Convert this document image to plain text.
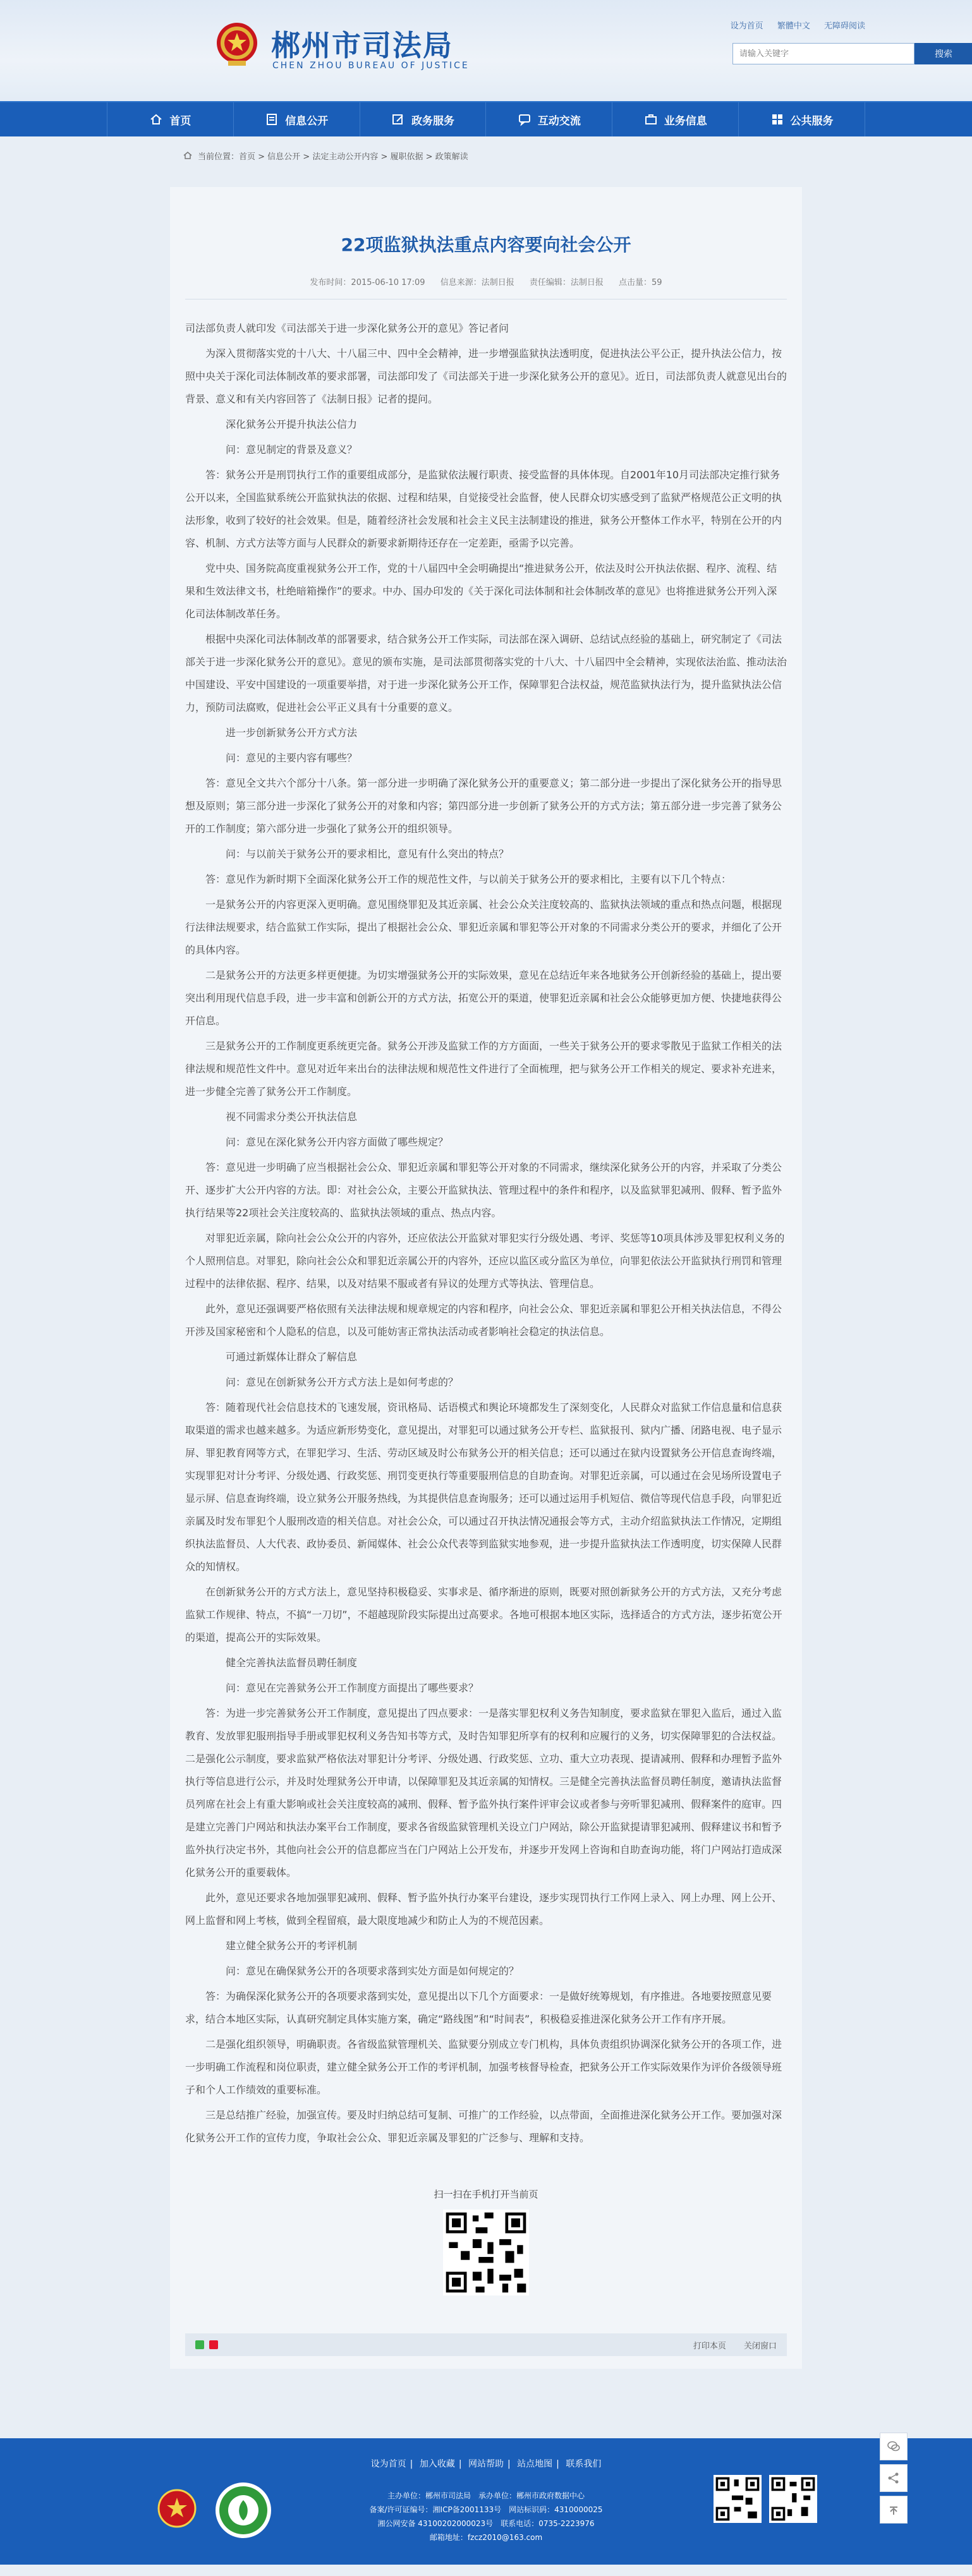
郴州市司法局
CHEN ZHOU BUREAU OF JUSTICE
设为首页 繁體中文 无障碍阅读
请输入关键字
搜索
首页	信息公开	政务服务	互动交流	业务信息	公共服务
当前位置：首页 > 信息公开 > 法定主动公开内容 > 履职依据 > 政策解读
22项监狱执法重点内容要向社会公开
发布时间：2015-06-10 17:09 信息来源：法制日报 责任编辑：法制日报 点击量：59

司法部负责人就印发《司法部关于进一步深化狱务公开的意见》答记者问

为深入贯彻落实党的十八大、十八届三中、四中全会精神，进一步增强监狱执法透明度，促进执法公平公正，提升执法公信力，按照中央关于深化司法体制改革的要求部署，司法部印发了《司法部关于进一步深化狱务公开的意见》。近日，司法部负责人就意见出台的背景、意义和有关内容回答了《法制日报》记者的提问。

深化狱务公开提升执法公信力

问：意见制定的背景及意义？

答：狱务公开是刑罚执行工作的重要组成部分，是监狱依法履行职责、接受监督的具体体现。自2001年10月司法部决定推行狱务公开以来，全国监狱系统公开监狱执法的依据、过程和结果，自觉接受社会监督，使人民群众切实感受到了监狱严格规范公正文明的执法形象，收到了较好的社会效果。但是，随着经济社会发展和社会主义民主法制建设的推进，狱务公开整体工作水平，特别在公开的内容、机制、方式方法等方面与人民群众的新要求新期待还存在一定差距，亟需予以完善。

党中央、国务院高度重视狱务公开工作，党的十八届四中全会明确提出“推进狱务公开，依法及时公开执法依据、程序、流程、结果和生效法律文书，杜绝暗箱操作”的要求。中办、国办印发的《关于深化司法体制和社会体制改革的意见》也将推进狱务公开列入深化司法体制改革任务。

根据中央深化司法体制改革的部署要求，结合狱务公开工作实际，司法部在深入调研、总结试点经验的基础上，研究制定了《司法部关于进一步深化狱务公开的意见》。意见的颁布实施，是司法部贯彻落实党的十八大、十八届四中全会精神，实现依法治监、推动法治中国建设、平安中国建设的一项重要举措，对于进一步深化狱务公开工作，保障罪犯合法权益，规范监狱执法行为，提升监狱执法公信力，预防司法腐败，促进社会公平正义具有十分重要的意义。

进一步创新狱务公开方式方法

问：意见的主要内容有哪些？

答：意见全文共六个部分十八条。第一部分进一步明确了深化狱务公开的重要意义；第二部分进一步提出了深化狱务公开的指导思想及原则；第三部分进一步深化了狱务公开的对象和内容；第四部分进一步创新了狱务公开的方式方法；第五部分进一步完善了狱务公开的工作制度；第六部分进一步强化了狱务公开的组织领导。

问：与以前关于狱务公开的要求相比，意见有什么突出的特点？

答：意见作为新时期下全面深化狱务公开工作的规范性文件，与以前关于狱务公开的要求相比，主要有以下几个特点：

一是狱务公开的内容更深入更明确。意见围绕罪犯及其近亲属、社会公众关注度较高的、监狱执法领域的重点和热点问题，根据现行法律法规要求，结合监狱工作实际，提出了根据社会公众、罪犯近亲属和罪犯等公开对象的不同需求分类公开的要求，并细化了公开的具体内容。

二是狱务公开的方法更多样更便捷。为切实增强狱务公开的实际效果，意见在总结近年来各地狱务公开创新经验的基础上，提出要突出利用现代信息手段，进一步丰富和创新公开的方式方法，拓宽公开的渠道，使罪犯近亲属和社会公众能够更加方便、快捷地获得公开信息。

三是狱务公开的工作制度更系统更完备。狱务公开涉及监狱工作的方方面面，一些关于狱务公开的要求零散见于监狱工作相关的法律法规和规范性文件中。意见对近年来出台的法律法规和规范性文件进行了全面梳理，把与狱务公开工作相关的规定、要求补充进来，进一步健全完善了狱务公开工作制度。

视不同需求分类公开执法信息

问：意见在深化狱务公开内容方面做了哪些规定？

答：意见进一步明确了应当根据社会公众、罪犯近亲属和罪犯等公开对象的不同需求，继续深化狱务公开的内容，并采取了分类公开、逐步扩大公开内容的方法。即：对社会公众，主要公开监狱执法、管理过程中的条件和程序，以及监狱罪犯减刑、假释、暂予监外执行结果等22项社会关注度较高的、监狱执法领域的重点、热点内容。

对罪犯近亲属，除向社会公众公开的内容外，还应依法公开监狱对罪犯实行分级处遇、考评、奖惩等10项具体涉及罪犯权利义务的个人照刑信息。对罪犯，除向社会公众和罪犯近亲属公开的内容外，还应以监区或分监区为单位，向罪犯依法公开监狱执行刑罚和管理过程中的法律依据、程序、结果，以及对结果不服或者有异议的处理方式等执法、管理信息。

此外，意见还强调要严格依照有关法律法规和规章规定的内容和程序，向社会公众、罪犯近亲属和罪犯公开相关执法信息，不得公开涉及国家秘密和个人隐私的信息，以及可能妨害正常执法活动或者影响社会稳定的执法信息。

可通过新媒体让群众了解信息

问：意见在创新狱务公开方式方法上是如何考虑的？

答：随着现代社会信息技术的飞速发展，资讯格局、话语模式和舆论环境都发生了深刻变化，人民群众对监狱工作信息量和信息获取渠道的需求也越来越多。为适应新形势变化，意见提出，对罪犯可以通过狱务公开专栏、监狱报刊、狱内广播、闭路电视、电子显示屏、罪犯教育网等方式，在罪犯学习、生活、劳动区域及时公布狱务公开的相关信息；还可以通过在狱内设置狱务公开信息查询终端，实现罪犯对计分考评、分级处遇、行政奖惩、刑罚变更执行等重要服刑信息的自助查询。对罪犯近亲属，可以通过在会见场所设置电子显示屏、信息查询终端，设立狱务公开服务热线，为其提供信息查询服务；还可以通过运用手机短信、微信等现代信息手段，向罪犯近亲属及时发布罪犯个人服刑改造的相关信息。对社会公众，可以通过召开执法情况通报会等方式，主动介绍监狱执法工作情况，定期组织执法监督员、人大代表、政协委员、新闻媒体、社会公众代表等到监狱实地参观，进一步提升监狱执法工作透明度，切实保障人民群众的知情权。

在创新狱务公开的方式方法上，意见坚持积极稳妥、实事求是、循序渐进的原则，既要对照创新狱务公开的方式方法，又充分考虑监狱工作规律、特点，不搞“一刀切”，不超越现阶段实际提出过高要求。各地可根据本地区实际，选择适合的方式方法，逐步拓宽公开的渠道，提高公开的实际效果。

健全完善执法监督员聘任制度

问：意见在完善狱务公开工作制度方面提出了哪些要求？

答：为进一步完善狱务公开工作制度，意见提出了四点要求：一是落实罪犯权利义务告知制度，要求监狱在罪犯入监后，通过入监教育、发放罪犯服刑指导手册或罪犯权利义务告知书等方式，及时告知罪犯所享有的权利和应履行的义务，切实保障罪犯的合法权益。二是强化公示制度，要求监狱严格依法对罪犯计分考评、分级处遇、行政奖惩、立功、重大立功表现、提请减刑、假释和办理暂予监外执行等信息进行公示，并及时处理狱务公开申请，以保障罪犯及其近亲属的知情权。三是健全完善执法监督员聘任制度，邀请执法监督员列席在社会上有重大影响或社会关注度较高的减刑、假释、暂予监外执行案件评审会议或者参与旁听罪犯减刑、假释案件的庭审。四是建立完善门户网站和执法办案平台工作制度，要求各省级监狱管理机关设立门户网站，除公开监狱提请罪犯减刑、假释建议书和暂予监外执行决定书外，其他向社会公开的信息都应当在门户网站上公开发布，并逐步开发网上咨询和自助查询功能，将门户网站打造成深化狱务公开的重要载体。

此外，意见还要求各地加强罪犯减刑、假释、暂予监外执行办案平台建设，逐步实现罚执行工作网上录入、网上办理、网上公开、网上监督和网上考核，做到全程留痕，最大限度地减少和防止人为的不规范因素。

建立健全狱务公开的考评机制

问：意见在确保狱务公开的各项要求落到实处方面是如何规定的？

答：为确保深化狱务公开的各项要求落到实处，意见提出以下几个方面要求：一是做好统筹规划，有序推进。各地要按照意见要求，结合本地区实际，认真研究制定具体实施方案，确定“路线图”和“时间表”，积极稳妥推进深化狱务公开工作有序开展。

二是强化组织领导，明确职责。各省级监狱管理机关、监狱要分别成立专门机构，具体负责组织协调深化狱务公开的各项工作，进一步明确工作流程和岗位职责，建立健全狱务公开工作的考评机制，加强考核督导检查，把狱务公开工作实际效果作为评价各级领导班子和个人工作绩效的重要标准。

三是总结推广经验，加强宣传。要及时归纳总结可复制、可推广的工作经验，以点带面，全面推进深化狱务公开工作。要加强对深化狱务公开工作的宣传力度，争取社会公众、罪犯近亲属及罪犯的广泛参与、理解和支持。

扫一扫在手机打开当前页
打印本页 关闭窗口
设为首页 | 加入收藏 | 网站帮助 | 站点地图 | 联系我们
主办单位：郴州市司法局 承办单位：郴州市政府数据中心
备案/许可证编号：湘ICP备2001133号 网站标识码：4310000025
湘公网安备 43100202000023号 联系电话：0735-2223976
邮箱地址：fzcz2010@163.com
